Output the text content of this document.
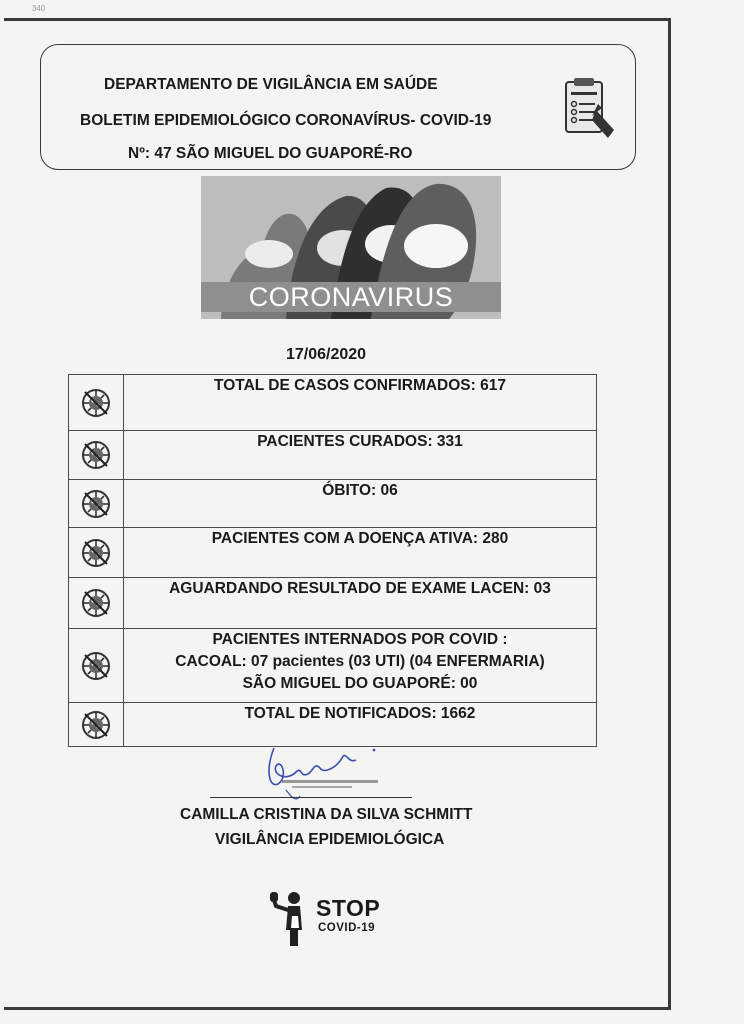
340
DEPARTAMENTO DE VIGILÂNCIA EM SAÚDE
BOLETIM EPIDEMIOLÓGICO CORONAVÍRUS- COVID-19
Nº: 47 SÃO MIGUEL DO GUAPORÉ-RO
CORONAVIRUS
17/06/2020

TOTAL DE CASOS CONFIRMADOS: 617

PACIENTES CURADOS: 331

ÓBITO: 06

PACIENTES COM A DOENÇA ATIVA: 280

AGUARDANDO RESULTADO DE EXAME LACEN: 03

PACIENTES INTERNADOS POR COVID :
CACOAL: 07 pacientes (03 UTI) (04 ENFERMARIA)
SÃO MIGUEL DO GUAPORÉ: 00

TOTAL DE NOTIFICADOS: 1662
CAMILLA CRISTINA DA SILVA SCHMITT
VIGILÂNCIA EPIDEMIOLÓGICA
STOP
COVID-19
